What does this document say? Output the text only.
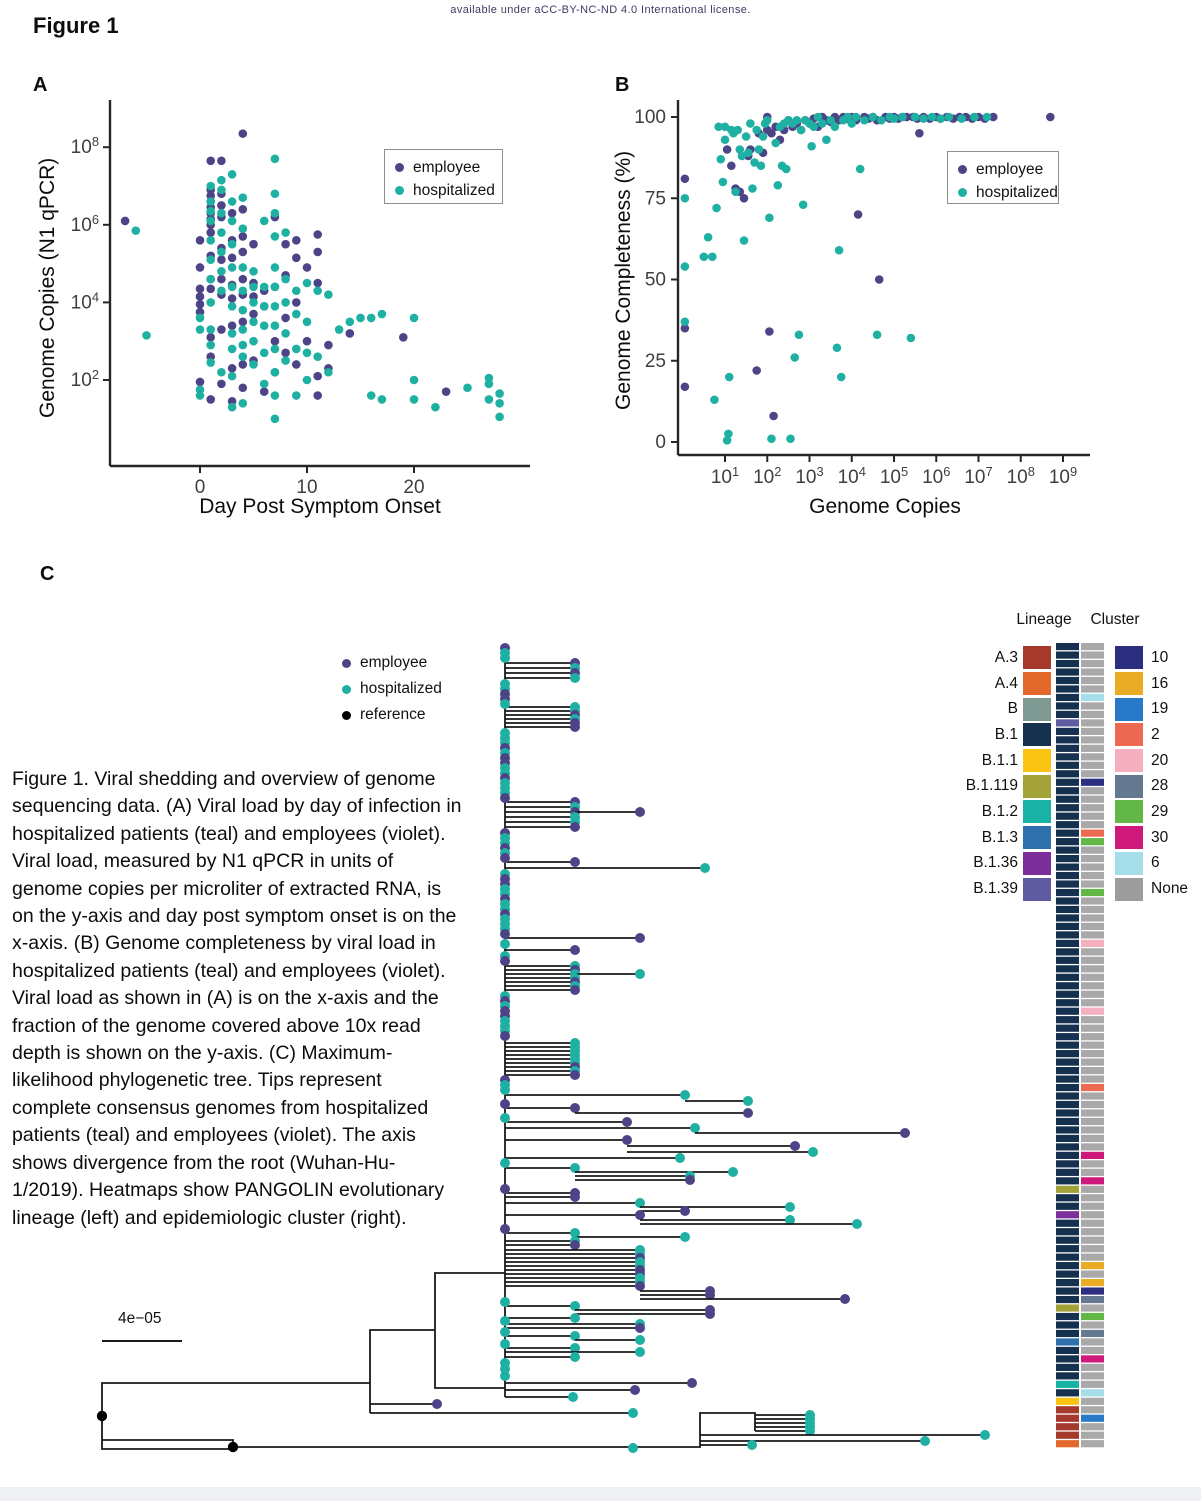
available under aCC-BY-NC-ND 4.0 International license.
Figure 1
A	B
C
0	10	20
$10^8$
$10^6$
$10^4$
$10^2$
$10^1$ $10^2$ $10^3$ $10^4$ $10^5$ $10^6$ $10^7$ $10^8$ $10^9$
100
75
50
25
0
Genome Copies (N1 qPCR)
Day Post Symptom Onset
Genome Completeness (%)
Genome Copies
employee
hospitalized
employee
hospitalized
employee
hospitalized
reference
Figure 1. Viral shedding and overview of genome sequencing data. (A) Viral load by day of infection in hospitalized patients (teal) and employees (violet). Viral load, measured by N1 qPCR in units of genome copies per microliter of extracted RNA, is on the y-axis and day post symptom onset is on the x-axis. (B) Genome completeness by viral load in hospitalized patients (teal) and employees (violet). Viral load as shown in (A) is on the x-axis and the fraction of the genome covered above 10x read depth is shown on the y-axis. (C) Maximum-likelihood phylogenetic tree. Tips represent complete consensus genomes from hospitalized patients (teal) and employees (violet). The axis shows divergence from the root (Wuhan-Hu-1/2019). Heatmaps show PANGOLIN evolutionary lineage (left) and epidemiologic cluster (right).
4e−05
Lineage	Cluster
A.3
A.4
B
B.1
B.1.1
B.1.119
B.1.2
B.1.3
B.1.36
B.1.39
10
16
19
2
20
28
29
30
6
None
